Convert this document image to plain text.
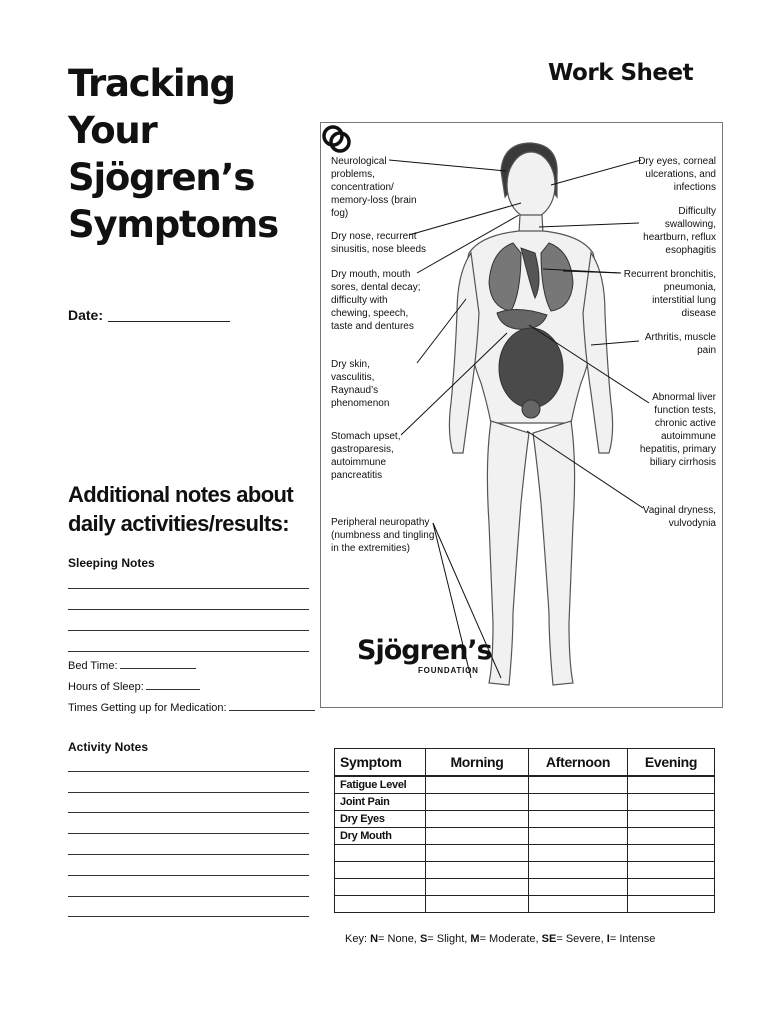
Tracking
Your
Sjögren’s
Symptoms
Work Sheet
Date:
Additional notes about
daily activities/results:
Sleeping Notes
Bed Time:
Hours of Sleep:
Times Getting up for Medication:
Activity Notes
Neurological problems, concentration/ memory-loss (brain fog)
Dry nose, recurrent sinusitis, nose bleeds
Dry mouth, mouth sores, dental decay; difficulty with chewing, speech, taste and dentures
Dry skin, vasculitis, Raynaud’s phenomenon
Stomach upset, gastroparesis, autoimmune pancreatitis
Peripheral neuropathy (numbness and tingling in the extremities)
Dry eyes, corneal ulcerations, and infections
Difficulty swallowing, heartburn, reflux esophagitis
Recurrent bronchitis, pneumonia, interstitial lung disease
Arthritis, muscle pain
Abnormal liver function tests, chronic active autoimmune hepatitis, primary biliary cirrhosis
Vaginal dryness, vulvodynia
Sjögren’s
FOUNDATION
Symptom	Morning	Afternoon	Evening
Fatigue Level			
Joint Pain			
Dry Eyes			
Dry Mouth			

Key: N= None, S= Slight, M= Moderate, SE= Severe, I= Intense
